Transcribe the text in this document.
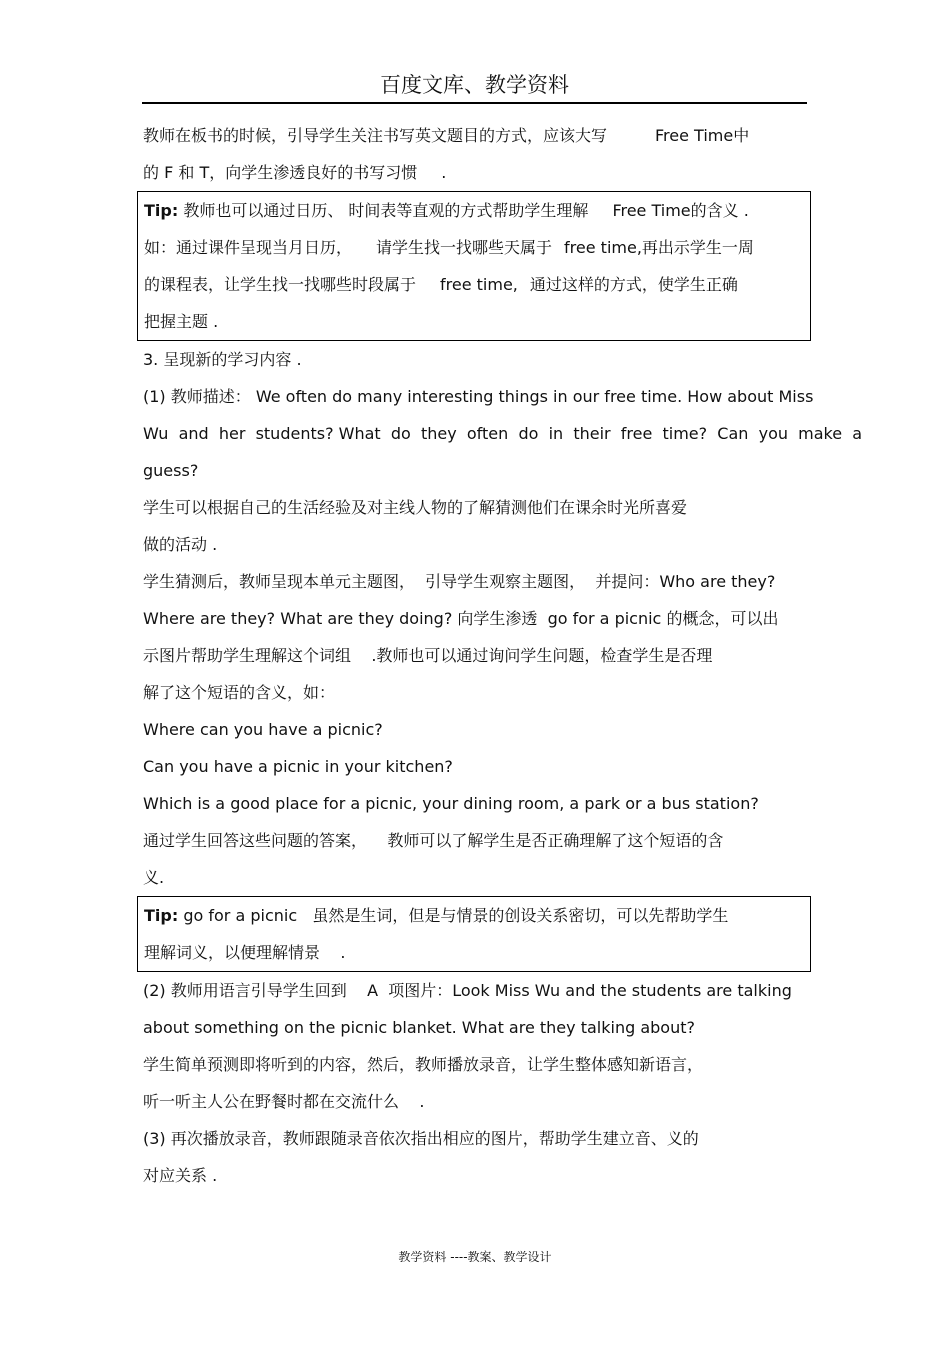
百度文库、教学资料
教师在板书的时候，引导学生关注书写英文题目的方式，应该大写	Free Time中
的 F 和 T，向学生渗透良好的书写习惯 .
Tip: 教师也可以通过日历、 时间表等直观的方式帮助学生理解 Free Time的含义 .
如：通过课件呈现当月日历， 请学生找一找哪些天属于 free time,再出示学生一周
的课程表，让学生找一找哪些时段属于 free time, 通过这样的方式，使学生正确
把握主题 .
3. 呈现新的学习内容 .
(1) 教师描述： We often do many interesting things in our free time. How about Miss
Wu  and  her  students? What  do  they  often  do  in  their  free  time?  Can  you  make  a
guess?
学生可以根据自己的生活经验及对主线人物的了解猜测他们在课余时光所喜爱
做的活动 .
学生猜测后，教师呈现本单元主题图，  引导学生观察主题图，  并提问：Who are they?
Where are they? What are they doing? 向学生渗透  go for a picnic 的概念，可以出
示图片帮助学生理解这个词组    .教师也可以通过询问学生问题，检查学生是否理
解了这个短语的含义，如：
Where can you have a picnic?
Can you have a picnic in your kitchen?
Which is a good place for a picnic, your dining room, a park or a bus station?
通过学生回答这些问题的答案，    教师可以了解学生是否正确理解了这个短语的含
义.
Tip: go for a picnic   虽然是生词，但是与情景的创设关系密切，可以先帮助学生
理解词义，以便理解情景    .
(2) 教师用语言引导学生回到    A  项图片：Look Miss Wu and the students are talking
about something on the picnic blanket. What are they talking about?
学生简单预测即将听到的内容，然后，教师播放录音，让学生整体感知新语言，
听一听主人公在野餐时都在交流什么    .
(3) 再次播放录音，教师跟随录音依次指出相应的图片，帮助学生建立音、义的
对应关系 .
教学资料 ----教案、教学设计
